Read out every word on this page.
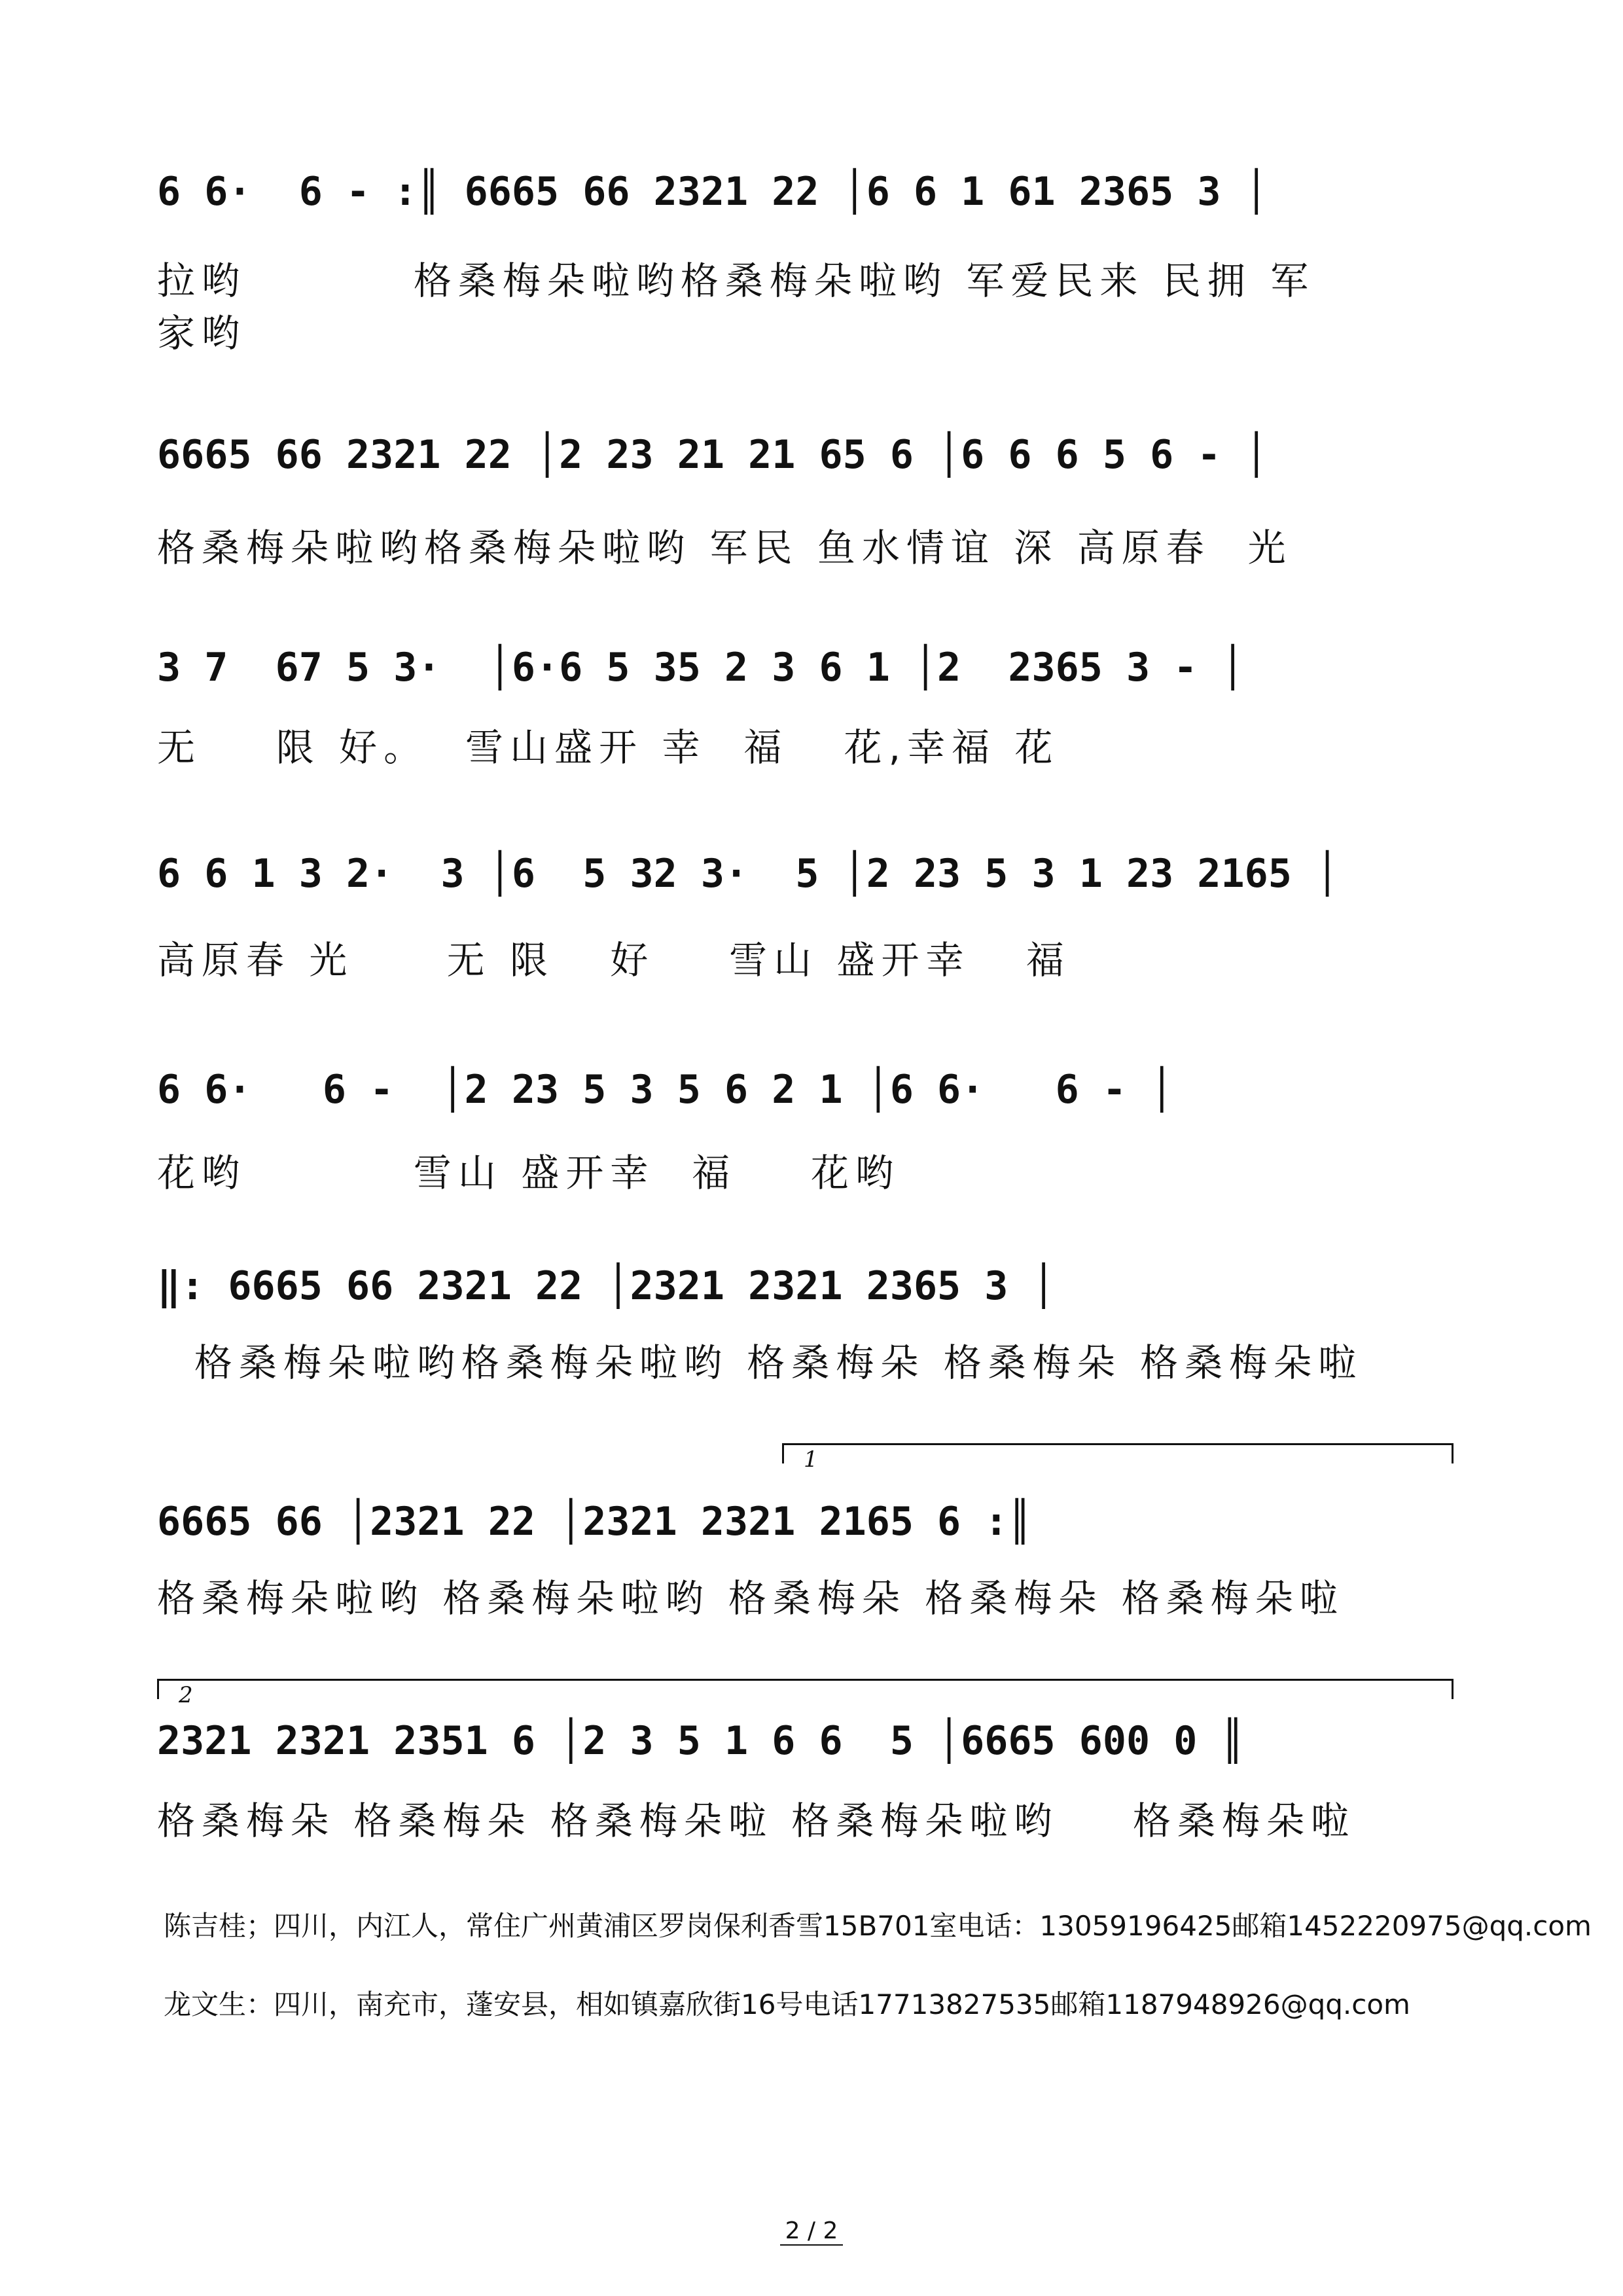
6 6·  6 - :║ 6665 66 2321 22 │6 6 1 61 2365 3 │
拉哟         格桑梅朵啦哟格桑梅朵啦哟 军爱民来 民拥 军
家哟
6665 66 2321 22 │2 23 21 21 65 6 │6 6 6 5 6 - │
格桑梅朵啦哟格桑梅朵啦哟 军民 鱼水情谊 深 高原春  光
3 7  67 5 3·  │6·6 5 35 2 3 6 1 │2  2365 3 - │
无    限 好。  雪山盛开 幸  福   花,幸福 花
6 6 1 3 2·  3 │6  5 32 3·  5 │2 23 5 3 1 23 2165 │
高原春 光     无 限   好    雪山 盛开幸   福
6 6·   6 -  │2 23 5 3 5 6 2 1 │6 6·   6 - │
花哟         雪山 盛开幸  福    花哟
‖: 6665 66 2321 22 │2321 2321 2365 3 │
格桑梅朵啦哟格桑梅朵啦哟 格桑梅朵 格桑梅朵 格桑梅朵啦
1
6665 66 │2321 22 │2321 2321 2165 6 :║
格桑梅朵啦哟 格桑梅朵啦哟 格桑梅朵 格桑梅朵 格桑梅朵啦
2
2321 2321 2351 6 │2 3 5 1 6 6  5 │6665 600 0 ║
格桑梅朵 格桑梅朵 格桑梅朵啦 格桑梅朵啦哟    格桑梅朵啦
陈吉桂；四川，内江人，常住广州黄浦区罗岗保利香雪15B701室电话：13059196425邮箱1452220975@qq.com
龙文生：四川，南充市，蓬安县，相如镇嘉欣街16号电话17713827535邮箱1187948926@qq.com
2 / 2
